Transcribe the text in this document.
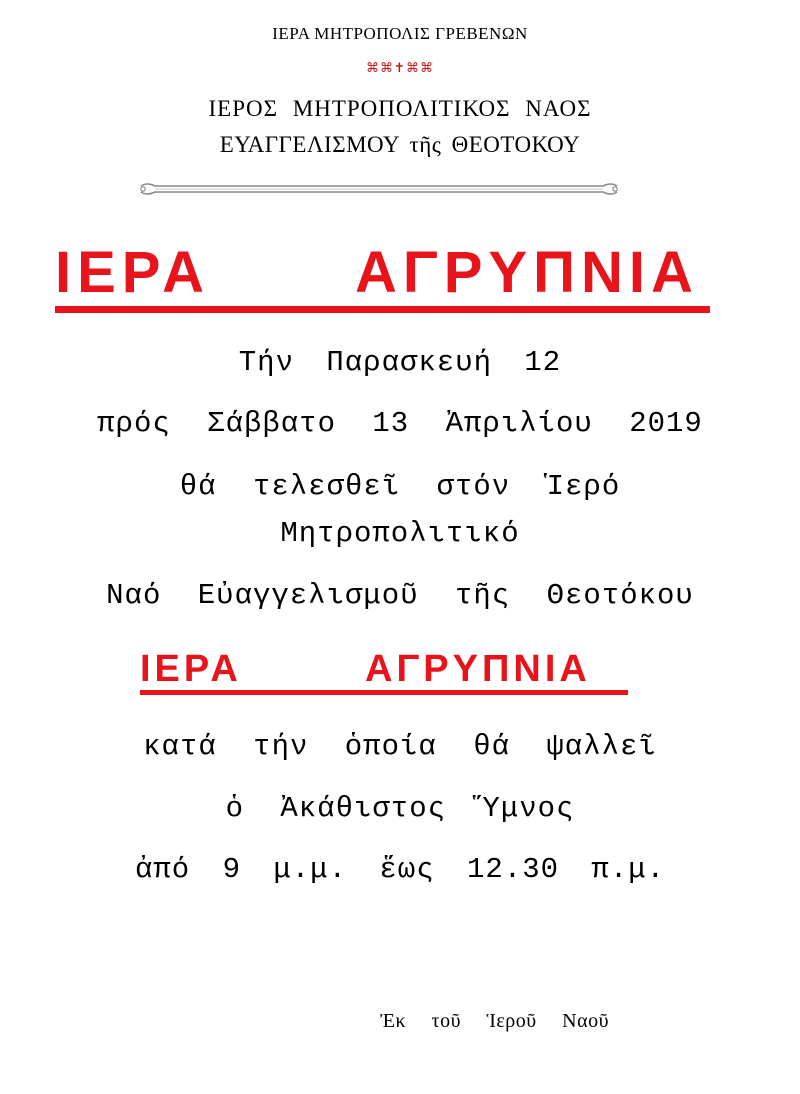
ΙΕΡΑ ΜΗΤΡΟΠΟΛΙΣ ΓΡΕΒΕΝΩΝ
⌘⌘✝⌘⌘
ΙΕΡΟΣ ΜΗΤΡΟΠΟΛΙΤΙΚΟΣ ΝΑΟΣ
ΕΥΑΓΓΕΛΙΣΜΟΥ τῆς ΘΕΟΤΟΚΟΥ
ΙΕΡΑ ΑΓΡΥΠΝΙΑ
Τήν Παρασκευή 12
πρός Σάββατο 13 Ἀπριλίου 2019
θά τελεσθεῖ στόν Ἱερό
Μητροπολιτικό
Ναό Εὐαγγελισμοῦ τῆς Θεοτόκου
ΙΕΡΑ	ΑΓΡΥΠΝΙΑ
κατά τήν ὁποία θά ψαλλεῖ
ὁ Ἀκάθιστος Ὕμνος
ἀπό 9 μ.μ. ἕως 12.30 π.μ.
Ἐκ τοῦ Ἱεροῦ Ναοῦ
